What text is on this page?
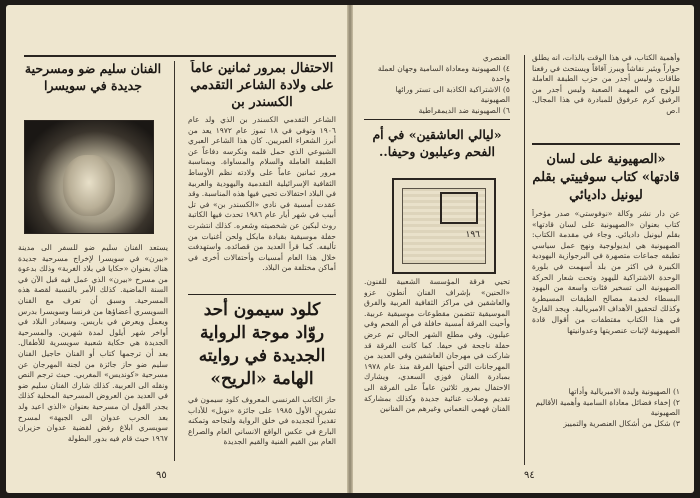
الاحتفال بمرور ثمانين عاماً على ولادة الشاعر التقدمي الكسندر بن

الشاعر التقدمي الكسندر بن الذي ولد عام ١٩٠٦ وتوفي في ١٨ تموز عام ١٩٧٢ يعد من أبرز الشعراء العبريين. كان هذا الشاعر العبري الشيوعي الذي حمل قلمه ونكرسه دفاعاً عن الطبقة العاملة والسلام والمساواة. وبمناسبة مرور ثمانين عاماً على ولادته نظم الأوساط الثقافية الإسرائيلية التقدمية واليهودية والعربية في البلاد احتفالات تحيي فيها هذه المناسبة. وقد عقدت أمسية في نادي «الكسندر بن» في تل أبيب في شهر أيار عام ١٩٨٦ تحدث فيها الكاتبة روث لبكين عن شخصيته وشعره. كذلك انتشرت حفلة موسيقية بقيادة مايكل ولحن أغنيات من تأليفه. كما قرأ العديد من قصائده. واستهدفت خلال هذا العام أمسيات وأحتفالات أخرى في أماكن مختلفة من البلاد.

كلود سيمون أحد روّاد موجة الرواية الجديدة في روايته الهامة «الريح»

حاز الكاتب الفرنسي المعروف كلود سيمون في تشرين الأول ١٩٨٥ على جائزة «نوبل» للأداب تقديراً لتجديده في خلق الرواية ولنجاحه وتمكنه البارع في عكس الواقع الانساني العام والصراع العام بين القيم الفنية والقيم الجديدة

الفنان سليم ضو ومسرحية جديدة في سويسرا

يستعد الفنان سليم ضو للسفر الى مدينة «بيرن» في سويسرا لإخراج مسرحية جديدة هناك بعنوان «حكايا في بلاد الغربة» وذلك بدعوة من مسرح «بيرن» الذي عمل فيه قبل الآن في السنة الماضية. كذلك الأمر بالنسبة لقصة هذه المسرحية. وسبق أن تعرف مع الفنان السويسري أعضاؤها من فرنسا وسويسرا بدرس ويعمل ويعرض في باريس. وسيغادر البلاد في أواخر شهر أيلول لمدة شهرين. والمسرحية الجديدة هي حكاية شعبية سويسرية للأطفال. بعد أن ترجمها كتاب أو الفنان حاجيل الفنان سليم ضو حاز جائزة من لجنة المهرجان عن مسرحية «كونديس» المغربي. حيث ترجم النص ونقله الى العربية. كذلك شارك الفنان سليم ضو في العديد من العروض المسرحية المحلية كذلك يجدر القول ان مسرحية بعنوان «الذي اعيد ولد بعد الحرب عدوان الى الجبهة» لمسرح سويسري ابلاغ رفض لقضية عدوان حزيران ١٩٦٧ حيث قام فيه بدور البطولة

٩٥

وأهمية الكتاب، في هذا الوقت بالذات، انه يطلق حواراً ويثير نقاشاً ويبرز آفاقاً ويستحث في رفعنا طاقات. وليس أجدر من حزب الطبقة العاملة للولوج في المهمة الصعبة وليس أجدر من الرفيق كرم عرفوق للمبادرة في هذا المجال. ا.ص

«الصهيونية على لسان قادتها» كتاب سوفييتي بقلم ليونيل داديائي

عن دار نشر وكالة «نوفوستي» صدر مؤخراً كتاب بعنوان «الصهيونية على لسان قادتها» بقلم ليونيل داديائي. وجاء في مقدمة الكتاب: الصهيونية هي ايديولوجية ونهج عمل سياسي تطبقه جماعات متصهرة في البرجوازية اليهودية الكبيرة في اكثر من بلد أسهمت في بلورة الوحدة الاشتراكية لليهود وتحت شعار الحركة الصهيونية الى تسخير فئات واسعة من اليهود البسطاء لخدمة مصالح الطبقات المسيطرة وكذلك لتحقيق الأهداف الامبريالية. ويجد القارئ في هذا الكتاب مقتطفات من أقوال قادة الصهيونية لإثبات عنصريتها وعدوانيتها

١) الصهيونية وليدة الامبريالية وأداتها
٢) إخفاء فضائل معاداة السامية وأهمية الأقاليم الصهيونية
٣) شكل من أشكال العنصرية والتمييز

العنصري
٤) الصهيونية ومعاداة السامية وجهان لعملة واحدة
٥) الاشتراكية الكاذبة الى تستر ورائها الصهيونية
٦) الصهيونية ضد الديمقراطية

«ليالي العاشقين» في أم الفحم وعيلبون وحيفا..
١٩٦

تحيي فرقة المؤسسة الشعبية للفنون. «الحنين» بإشراف الفنان أنطون عزو والعاشقين في مراكز الثقافية العربية والفرق الموسيقية تتضمن مقطوعات موسيقية عربية. وأحيت الفرقة أمسية حافلة في أم الفحم وفي عيلبون. وفي مطلع الشهر الحالي تم عرض حفلة ناجحة في حيفا. كما كانت الفرقة قد شاركت في مهرجان العاشقين وفي العديد من المهرجانات التي أحيتها الفرقة منذ عام ١٩٧٨ بمبادرة الفنان فوزي السعدي، ويشارك الاحتفال بمرور ثلاثين عاماً على الفرقة الى تقديم وصلات غنائية جديدة وكذلك بمشاركة الفنان فهمي النعماني وغيرهم من الفنانين

٩٤
